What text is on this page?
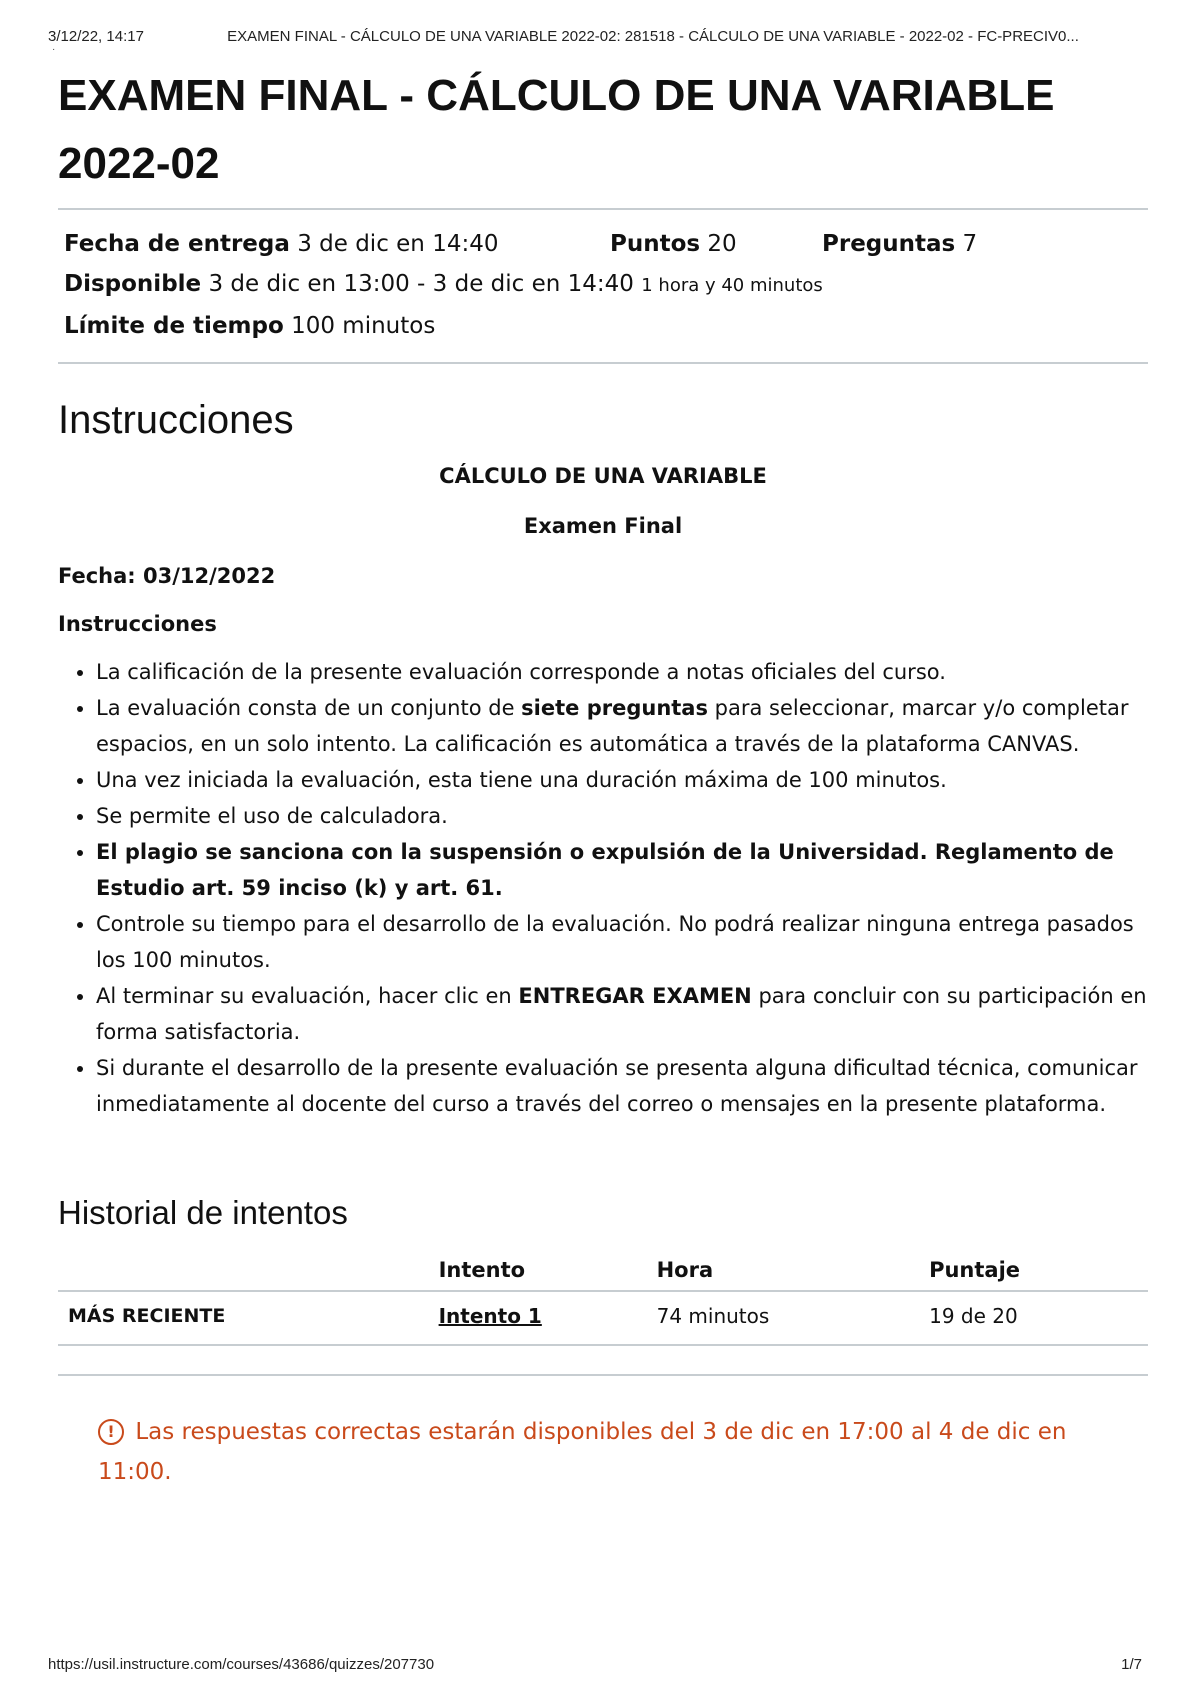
3/12/22, 14:17	EXAMEN FINAL - CÁLCULO DE UNA VARIABLE 2022-02: 281518 - CÁLCULO DE UNA VARIABLE - 2022-02 - FC-PRECIV0...
·
EXAMEN FINAL - CÁLCULO DE UNA VARIABLE 2022-02
Fecha de entrega 3 de dic en 14:40	Puntos 20	Preguntas 7
Disponible 3 de dic en 13:00 - 3 de dic en 14:40 1 hora y 40 minutos
Límite de tiempo 100 minutos
Instrucciones
CÁLCULO DE UNA VARIABLE
Examen Final
Fecha: 03/12/2022
Instrucciones
• La calificación de la presente evaluación corresponde a notas oficiales del curso.
• La evaluación consta de un conjunto de siete preguntas para seleccionar, marcar y/o completar espacios, en un solo intento. La calificación es automática a través de la plataforma CANVAS.
• Una vez iniciada la evaluación, esta tiene una duración máxima de 100 minutos.
• Se permite el uso de calculadora.
• El plagio se sanciona con la suspensión o expulsión de la Universidad. Reglamento de Estudio art. 59 inciso (k) y art. 61.
• Controle su tiempo para el desarrollo de la evaluación. No podrá realizar ninguna entrega pasados los 100 minutos.
• Al terminar su evaluación, hacer clic en ENTREGAR EXAMEN para concluir con su participación en forma satisfactoria.
• Si durante el desarrollo de la presente evaluación se presenta alguna dificultad técnica, comunicar inmediatamente al docente del curso a través del correo o mensajes en la presente plataforma.
Historial de intentos
	Intento	Hora	Puntaje
MÁS RECIENTE	Intento 1	74 minutos	19 de 20
! Las respuestas correctas estarán disponibles del 3 de dic en 17:00 al 4 de dic en 11:00.
https://usil.instructure.com/courses/43686/quizzes/207730	1/7
